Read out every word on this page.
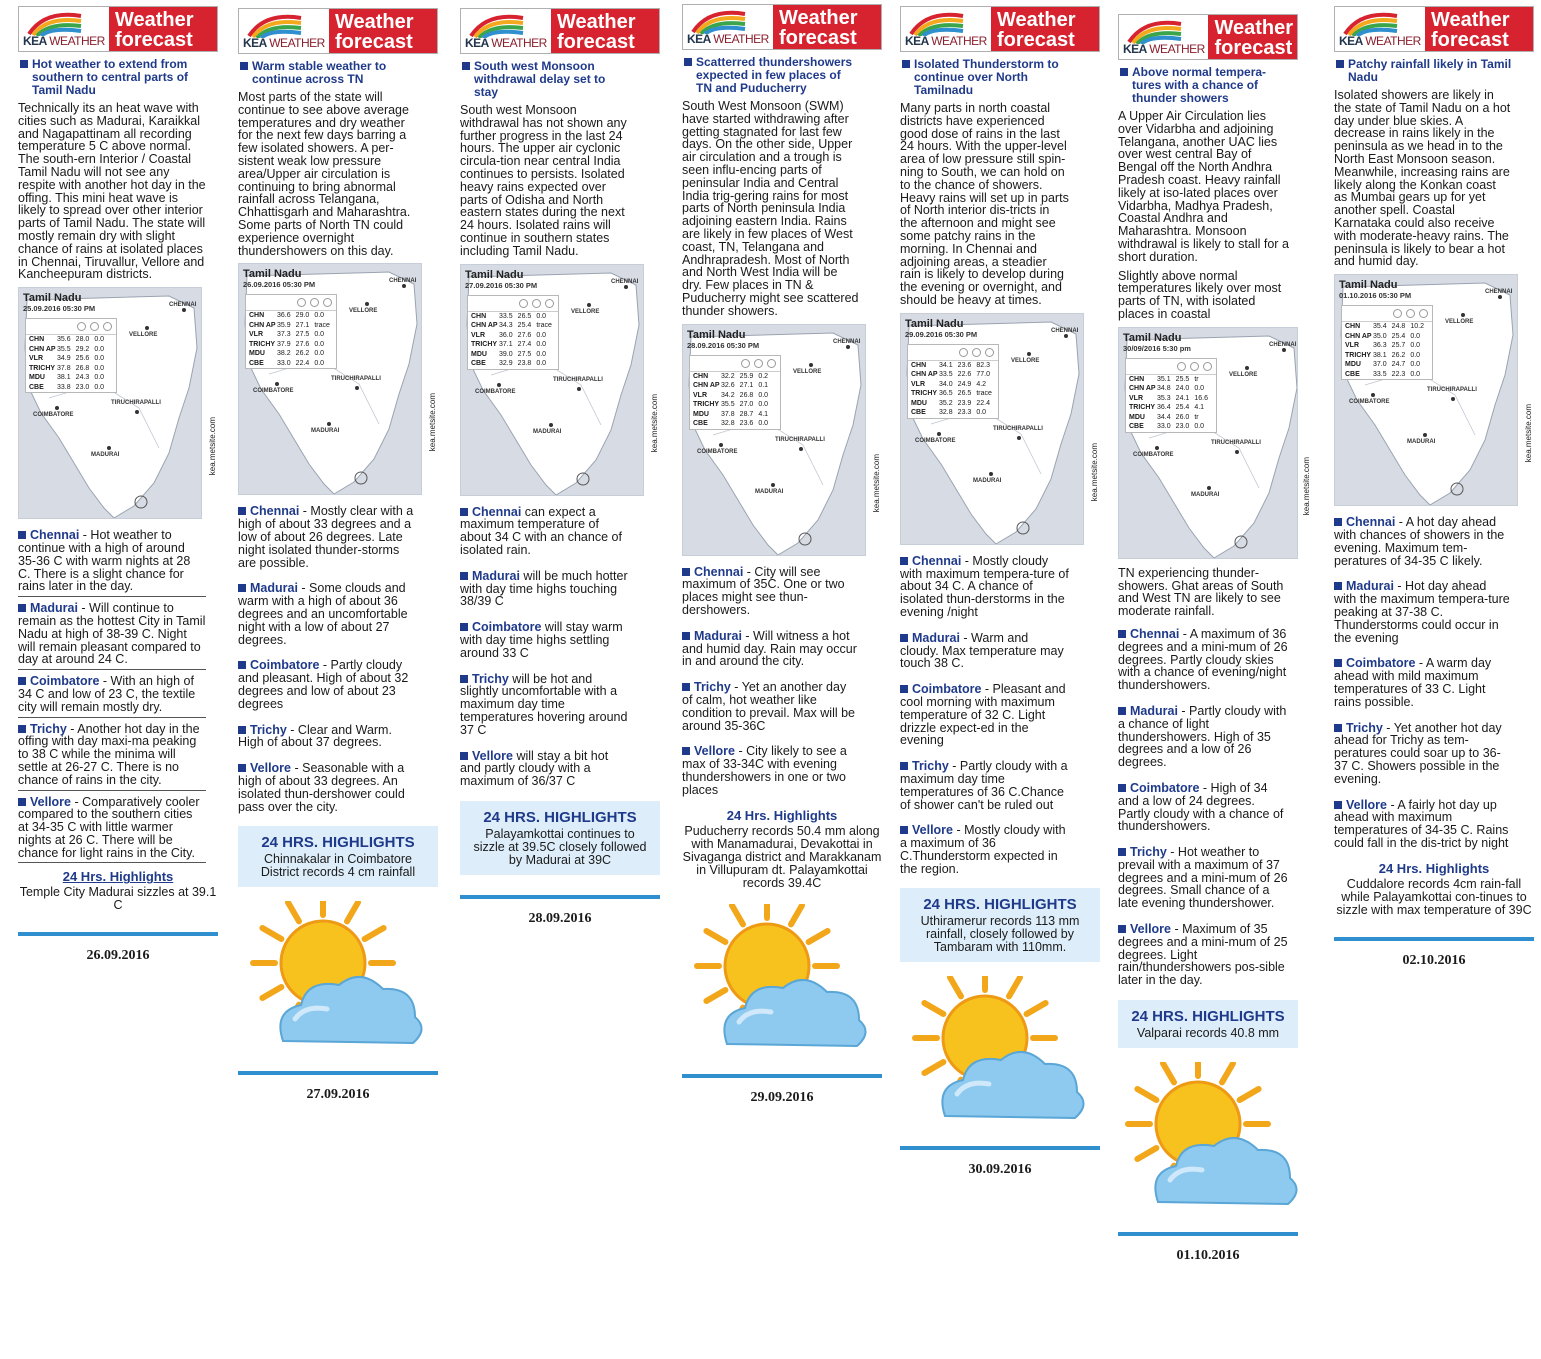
KEA WEATHER
Weather
forecast
Hot weather to extend from southern to central parts of Tamil Nadu
Technically its an heat wave with cities such as Madurai, Karaikkal and Nagapattinam all recording temperature 5 C above normal. The south-ern Interior / Coastal Tamil Nadu will not see any respite with another hot day in the offing. This mini heat wave is likely to spread over other interior parts of Tamil Nadu. The state will mostly remain dry with slight chance of rains at isolated places in Chennai, Tiruvallur, Vellore and Kancheepuram districts.
Tamil Nadu
25.09.2016 05:30 PM
CHN	35.6 28.0 0.0
CHN AP 35.5 29.2 0.0
VLR	34.9 25.6 0.0
TRICHY 37.8 26.8 0.0
MDU	38.1 24.3 0.0
CBE	33.8 23.0 0.0
CHENNAI
VELLORE
COIMBATORE
TIRUCHIRAPALLI
MADURAI	kea.metsite.com
Chennai - Hot weather to continue with a high of around 35-36 C with warm nights at 28 C. There is a slight chance for rains later in the day.
Madurai - Will continue to remain as the hottest City in Tamil Nadu at high of 38-39 C. Night will remain pleasant compared to day at around 24 C.
Coimbatore - With an high of 34 C and low of 23 C, the textile city will remain mostly dry.
Trichy - Another hot day in the offing with day maxi-ma peaking to 38 C while the minima will settle at 26-27 C. There is no chance of rains in the city.
Vellore - Comparatively cooler compared to the southern cities at 34-35 C with little warmer nights at 26 C. There will be chance for light rains in the City.
24 Hrs. Highlights
Temple City Madurai sizzles at 39.1 C
26.09.2016
KEA WEATHER
Weather
forecast
Warm stable weather to continue across TN
Most parts of the state will continue to see above average temperatures and dry weather for the next few days barring a few isolated showers. A per-sistent weak low pressure area/Upper air circulation is continuing to bring abnormal rainfall across Telangana, Chhattisgarh and Maharashtra. Some parts of North TN could experience overnight thundershowers on this day.
Tamil Nadu
26.09.2016 05:30 PM
CHN	36.6 29.0 0.0
CHN AP 35.9 27.1 trace
VLR	37.3 27.5 0.0
TRICHY 37.9 27.6 0.0
MDU	38.2 26.2 0.0
CBE	33.0 22.4 0.0
CHENNAI
VELLORE
COIMBATORE
TIRUCHIRAPALLI
MADURAI	kea.metsite.com
Chennai - Mostly clear with a high of about 33 degrees and a low of about 26 degrees. Late night isolated thunder-storms are possible.
Madurai - Some clouds and warm with a high of about 36 degrees and an uncomfortable night with a low of about 27 degrees.
Coimbatore - Partly cloudy and pleasant. High of about 32 degrees and low of about 23 degrees
Trichy - Clear and Warm. High of about 37 degrees.
Vellore - Seasonable with a high of about 33 degrees. An isolated thun-dershower could pass over the city.
24 HRS. HIGHLIGHTS
Chinnakalar in Coimbatore District records 4 cm rainfall
27.09.2016
KEA WEATHER
Weather
forecast
South west Monsoon withdrawal delay set to stay
South west Monsoon withdrawal has not shown any further progress in the last 24 hours. The upper air cyclonic circula-tion near central India continues to persists. Isolated heavy rains expected over parts of Odisha and North eastern states during the next 24 hours. Isolated rains will continue in southern states including Tamil Nadu.
Tamil Nadu
27.09.2016 05:30 PM
CHN	33.5 26.5 0.0
CHN AP 34.3 25.4 trace
VLR	36.0 27.6 0.0
TRICHY 37.1 27.4 0.0
MDU	39.0 27.5 0.0
CBE	32.9 23.8 0.0
CHENNAI
VELLORE
COIMBATORE
TIRUCHIRAPALLI
MADURAI	kea.metsite.com
Chennai can expect a maximum temperature of about 34 C with an chance of isolated rain.
Madurai will be much hotter with day time highs touching 38/39 C
Coimbatore will stay warm with day time highs settling around 33 C
Trichy will be hot and slightly uncomfortable with a maximum day time temperatures hovering around 37 C
Vellore will stay a bit hot and partly cloudy with a maximum of 36/37 C
24 HRS. HIGHLIGHTS
Palayamkottai continues to sizzle at 39.5C closely followed by Madurai at 39C
28.09.2016
KEA WEATHER
Weather
forecast
Scatterred thundershowers expected in few places of TN and Puducherry
South West Monsoon (SWM) have started withdrawing after getting stagnated for last few days. On the other side, Upper air circulation and a trough is seen influ-encing parts of peninsular India and Central India trig-gering rains for most parts of North peninsula India adjoining eastern India. Rains are likely in few places of West coast, TN, Telangana and Andhrapradesh. Most of North and North West India will be dry. Few places in TN & Puducherry might see scattered thunder showers.
Tamil Nadu
28.09.2016 05:30 PM
CHN	32.2 25.9 0.2
CHN AP 32.6 27.1 0.1
VLR	34.2 26.8 0.0
TRICHY 35.5 27.0 0.0
MDU	37.8 28.7 4.1
CBE	32.8 23.6 0.0
CHENNAI
VELLORE
COIMBATORE
TIRUCHIRAPALLI
MADURAI	kea.metsite.com
Chennai - City will see maximum of 35C. One or two places might see thun-dershowers.
Madurai - Will witness a hot and humid day. Rain may occur in and around the city.
Trichy - Yet an another day of calm, hot weather like condition to prevail. Max will be around 35-36C
Vellore - City likely to see a max of 33-34C with evening thundershowers in one or two places
24 Hrs. Highlights
Puducherry records 50.4 mm along with Manamadurai, Devakottai in Sivaganga district and Marakkanam in Villupuram dt. Palayamkottai records 39.4C
29.09.2016
KEA WEATHER
Weather
forecast
Isolated Thunderstorm to continue over North Tamilnadu
Many parts in north coastal districts have experienced good dose of rains in the last 24 hours. With the upper-level area of low pressure still spin-ning to South, we can hold on to the chance of showers. Heavy rains will set up in parts of North interior dis-tricts in the afternoon and might see some patchy rains in the morning. In Chennai and adjoining areas, a steadier rain is likely to develop during the evening or overnight, and should be heavy at times.
Tamil Nadu
29.09.2016 05:30 PM
CHN	34.1 23.6 82.3
CHN AP 33.5 22.6 77.0
VLR	34.0 24.9 4.2
TRICHY 36.5 26.5 trace
MDU	35.2 23.9 22.4
CBE	32.8 23.3 0.0
CHENNAI
VELLORE
COIMBATORE
TIRUCHIRAPALLI
MADURAI	kea.metsite.com
Chennai - Mostly cloudy with maximum tempera-ture of about 34 C. A chance of isolated thun-derstorms in the evening /night
Madurai - Warm and cloudy. Max temperature may touch 38 C.
Coimbatore - Pleasant and cool morning with maximum temperature of 32 C. Light drizzle expect-ed in the evening
Trichy - Partly cloudy with a maximum day time temperatures of 36 C.Chance of shower can't be ruled out
Vellore - Mostly cloudy with a maximum of 36 C.Thunderstorm expected in the region.
24 HRS. HIGHLIGHTS
Uthiramerur records 113 mm rainfall, closely followed by Tambaram with 110mm.
30.09.2016
KEA WEATHER
Weather
forecast
Above normal tempera-tures with a chance of thunder showers
A Upper Air Circulation lies over Vidarbha and adjoining Telangana, another UAC lies over west central Bay of Bengal off the North Andhra Pradesh coast. Heavy rainfall likely at iso-lated places over Vidarbha, Madhya Pradesh, Coastal Andhra and Maharashtra. Monsoon withdrawal is likely to stall for a short duration.
Slightly above normal temperatures likely over most parts of TN, with isolated places in coastal
Tamil Nadu
30/09/2016 5:30 pm
CHN	35.1 25.5 tr
CHN AP 34.8 24.0 0.0
VLR	35.3 24.1 16.6
TRICHY 36.4 25.4 4.1
MDU	34.4 26.0 tr
CBE	33.0 23.0 0.0
CHENNAI
VELLORE
COIMBATORE
TIRUCHIRAPALLI
MADURAI	kea.metsite.com
TN experiencing thunder-showers. Ghat areas of South and West TN are likely to see moderate rainfall.
Chennai - A maximum of 36 degrees and a mini-mum of 26 degrees. Partly cloudy skies with a chance of evening/night thundershowers.
Madurai - Partly cloudy with a chance of light thundershowers. High of 35 degrees and a low of 26 degrees.
Coimbatore - High of 34 and a low of 24 degrees. Partly cloudy with a chance of thundershowers.
Trichy - Hot weather to prevail with a maximum of 37 degrees and a mini-mum of 26 degrees. Small chance of a late evening thundershower.
Vellore - Maximum of 35 degrees and a mini-mum of 25 degrees. Light rain/thundershowers pos-sible later in the day.
24 HRS. HIGHLIGHTS
Valparai records 40.8 mm
01.10.2016
KEA WEATHER
Weather
forecast
Patchy rainfall likely in Tamil Nadu
Isolated showers are likely in the state of Tamil Nadu on a hot day under blue skies. A decrease in rains likely in the peninsula as we head in to the North East Monsoon season. Meanwhile, increasing rains are likely along the Konkan coast as Mumbai gears up for yet another spell. Coastal Karnataka could also receive with moderate-heavy rains. The peninsula is likely to bear a hot and humid day.
Tamil Nadu
01.10.2016 05:30 PM
CHN	35.4 24.8 10.2
CHN AP 35.0 25.4 0.0
VLR	36.3 25.7 0.0
TRICHY 38.1 26.2 0.0
MDU	37.0 24.7 0.0
CBE	33.5 22.3 0.0
CHENNAI
VELLORE
COIMBATORE
TIRUCHIRAPALLI
MADURAI	kea.metsite.com
Chennai - A hot day ahead with chances of showers in the evening. Maximum tem-peratures of 34-35 C likely.
Madurai - Hot day ahead with the maximum tempera-ture peaking at 37-38 C. Thunderstorms could occur in the evening
Coimbatore - A warm day ahead with mild maximum temperatures of 33 C. Light rains possible.
Trichy - Yet another hot day ahead for Trichy as tem-peratures could soar up to 36-37 C. Showers possible in the evening.
Vellore - A fairly hot day up ahead with maximum temperatures of 34-35 C. Rains could fall in the dis-trict by night
24 Hrs. Highlights
Cuddalore records 4cm rain-fall while Palayamkottai con-tinues to sizzle with max temperature of 39C
02.10.2016
